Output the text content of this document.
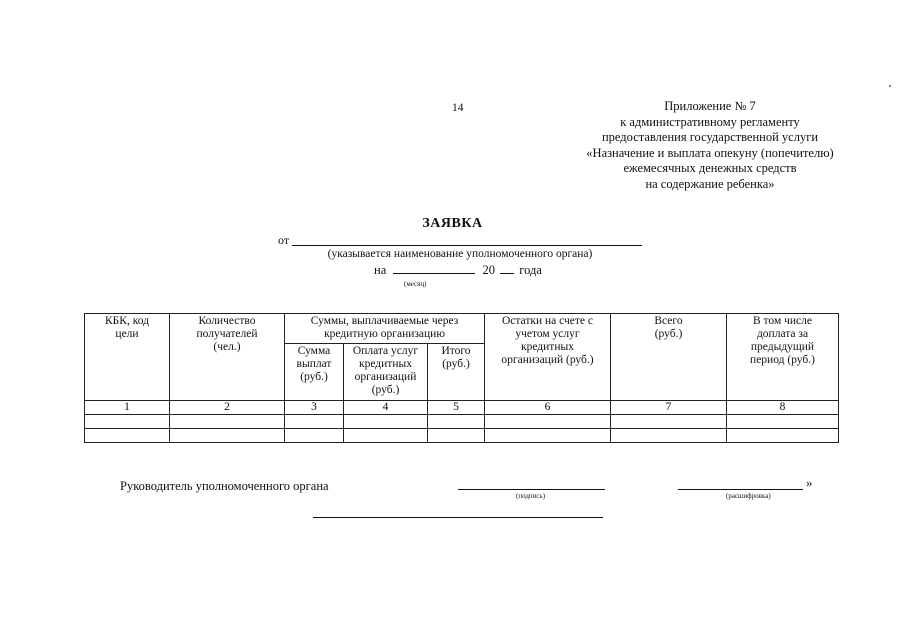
14	Приложение № 7
к административному регламенту
предоставления государственной услуги
«Назначение и выплата опекуну (попечителю)
ежемесячных денежных средств
на содержание ребенка»
ЗАЯВКА
от
(указывается наименование уполномоченного органа)
на	20 года
(месяц)
КБК, код цели	Количество получателей (чел.)	Суммы, выплачиваемые через кредитную организацию			Остатки на счете с учетом услуг кредитных организаций (руб.)	Всего (руб.)	В том числе доплата за предыдущий период (руб.)
		Сумма выплат (руб.)	Оплата услуг кредитных организаций (руб.)	Итого (руб.)			
1	2	3	4	5	6	7	8

Руководитель уполномоченного органа
(подпись)	(расшифровка)
»
